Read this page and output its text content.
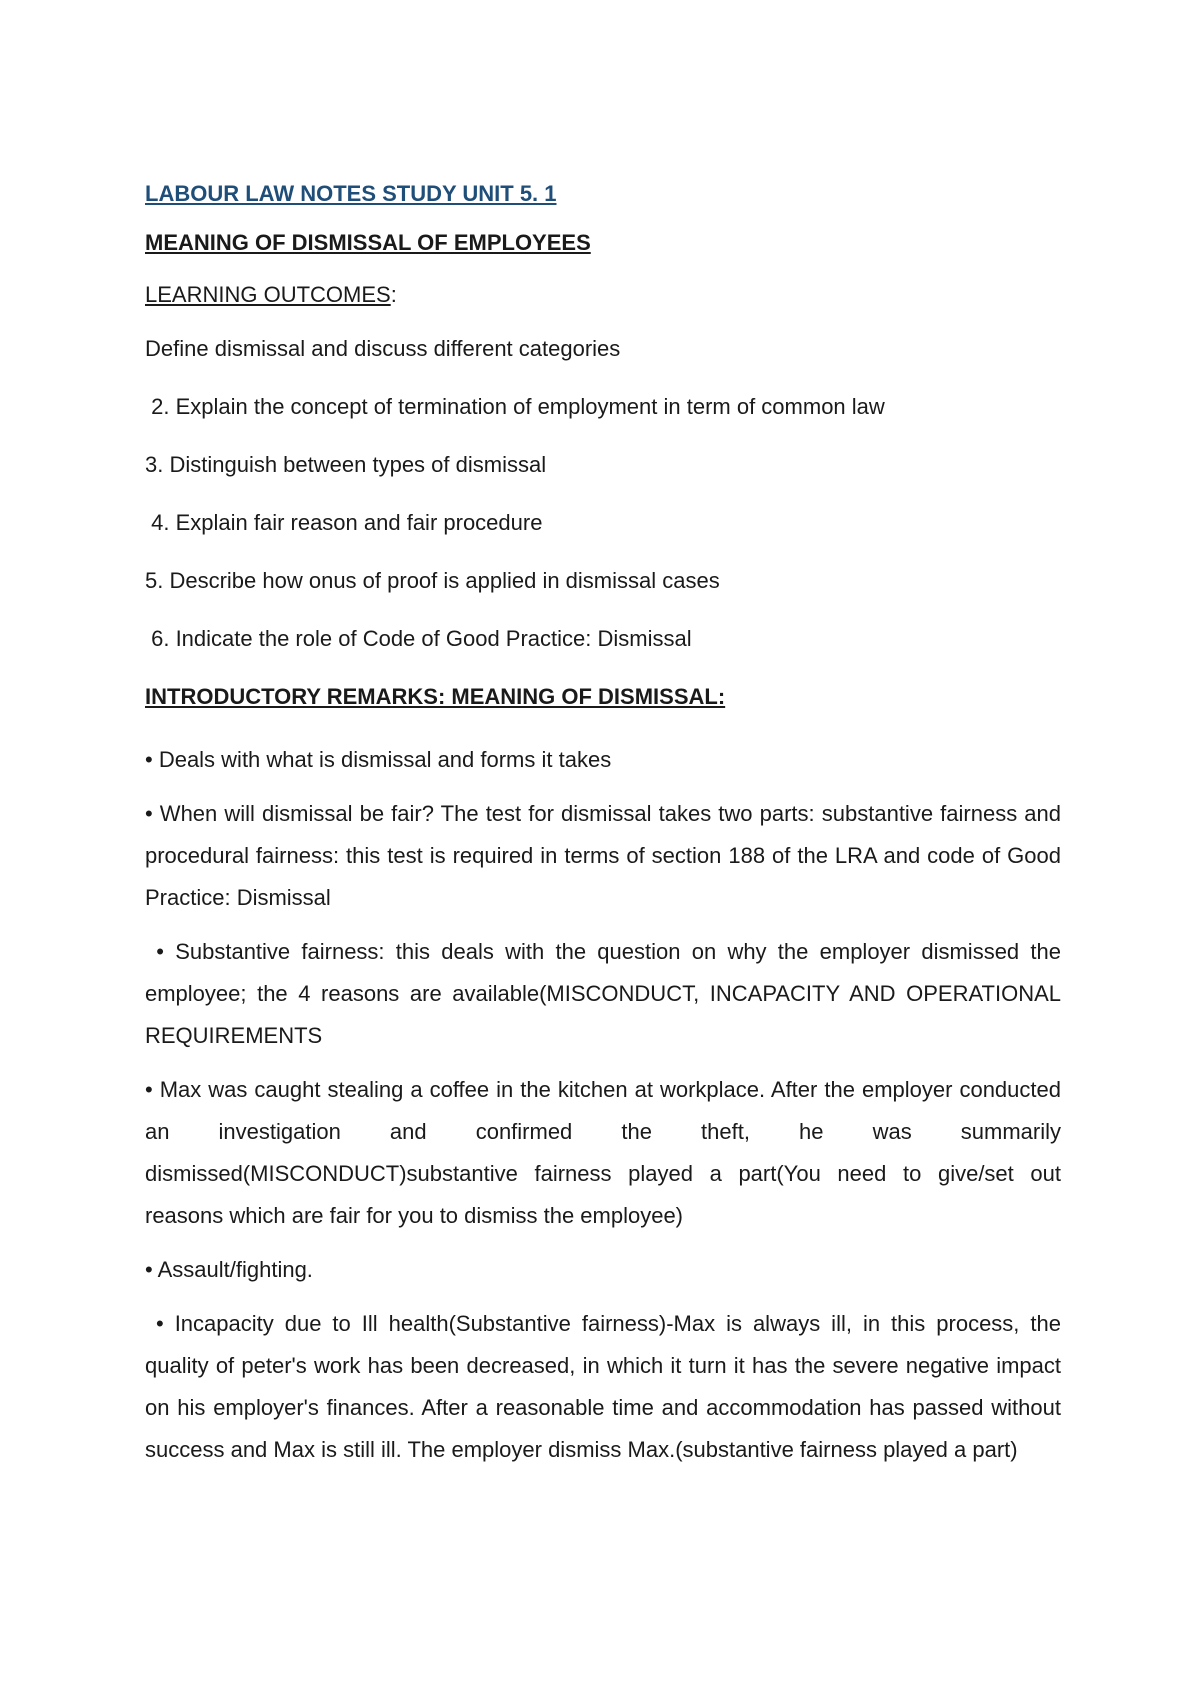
LABOUR LAW NOTES STUDY UNIT 5. 1
MEANING OF DISMISSAL OF EMPLOYEES
LEARNING OUTCOMES:
Define dismissal and discuss different categories
2. Explain the concept of termination of employment in term of common law
3. Distinguish between types of dismissal
4. Explain fair reason and fair procedure
5. Describe how onus of proof is applied in dismissal cases
6. Indicate the role of Code of Good Practice: Dismissal
INTRODUCTORY REMARKS: MEANING OF DISMISSAL:
• Deals with what is dismissal and forms it takes
• When will dismissal be fair? The test for dismissal takes two parts: substantive fairness and procedural fairness: this test is required in terms of section 188 of the LRA and code of Good Practice: Dismissal
• Substantive fairness: this deals with the question on why the employer dismissed the employee; the 4 reasons are available(MISCONDUCT, INCAPACITY AND OPERATIONAL REQUIREMENTS
• Max was caught stealing a coffee in the kitchen at workplace. After the employer conducted an investigation and confirmed the theft, he was summarily dismissed(MISCONDUCT)substantive fairness played a part(You need to give/set out reasons which are fair for you to dismiss the employee)
• Assault/fighting.
• Incapacity due to Ill health(Substantive fairness)-Max is always ill, in this process, the quality of peter's work has been decreased, in which it turn it has the severe negative impact on his employer's finances. After a reasonable time and accommodation has passed without success and Max is still ill. The employer dismiss Max.(substantive fairness played a part)
